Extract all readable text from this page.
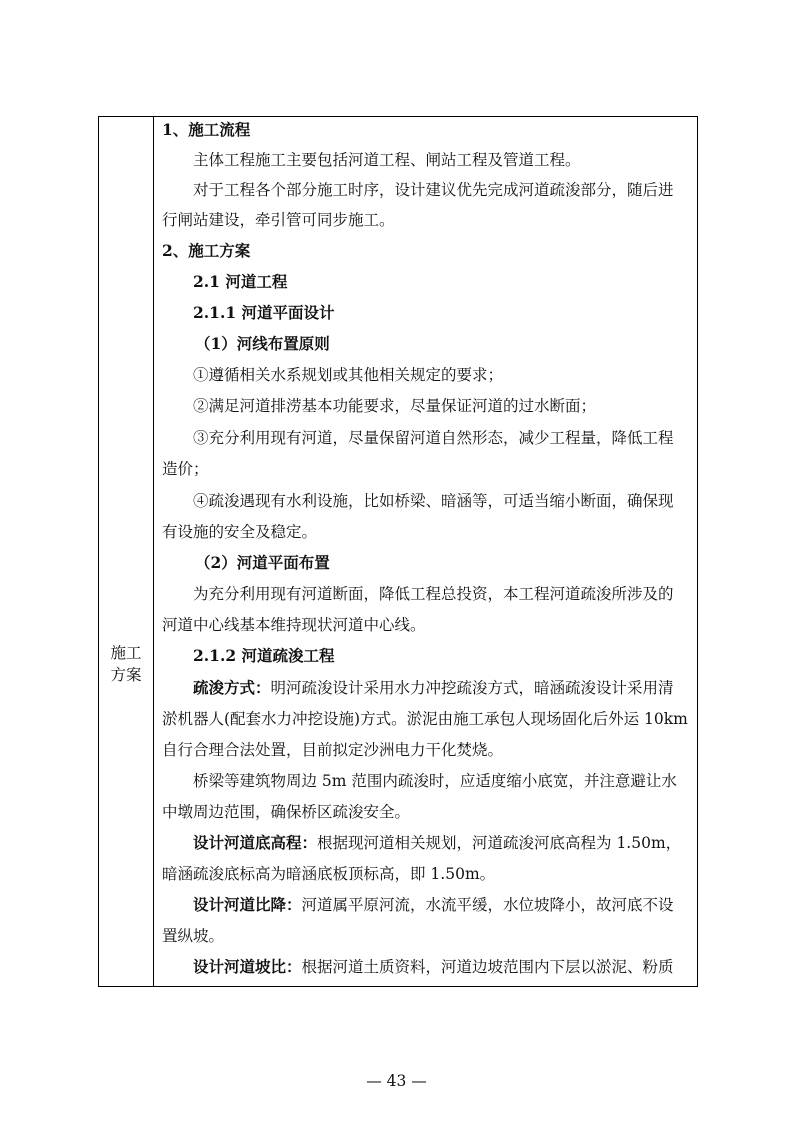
施工
方案
1、施工流程
主体工程施工主要包括河道工程、闸站工程及管道工程。
对于工程各个部分施工时序，设计建议优先完成河道疏浚部分，随后进
行闸站建设，牵引管可同步施工。
2、施工方案
2.1 河道工程
2.1.1 河道平面设计
（1）河线布置原则
①遵循相关水系规划或其他相关规定的要求；
②满足河道排涝基本功能要求，尽量保证河道的过水断面；
③充分利用现有河道，尽量保留河道自然形态，减少工程量，降低工程
造价；
④疏浚遇现有水利设施，比如桥梁、暗涵等，可适当缩小断面，确保现
有设施的安全及稳定。
（2）河道平面布置
为充分利用现有河道断面，降低工程总投资，本工程河道疏浚所涉及的
河道中心线基本维持现状河道中心线。
2.1.2 河道疏浚工程
疏浚方式：明河疏浚设计采用水力冲挖疏浚方式，暗涵疏浚设计采用清
淤机器人(配套水力冲挖设施)方式。淤泥由施工承包人现场固化后外运 10km
自行合理合法处置，目前拟定沙洲电力干化焚烧。
桥梁等建筑物周边 5m 范围内疏浚时，应适度缩小底宽，并注意避让水
中墩周边范围，确保桥区疏浚安全。
设计河道底高程：根据现河道相关规划，河道疏浚河底高程为 1.50m，
暗涵疏浚底标高为暗涵底板顶标高，即 1.50m。
设计河道比降：河道属平原河流，水流平缓，水位坡降小，故河底不设
置纵坡。
设计河道坡比：根据河道土质资料，河道边坡范围内下层以淤泥、粉质
— 43 —
